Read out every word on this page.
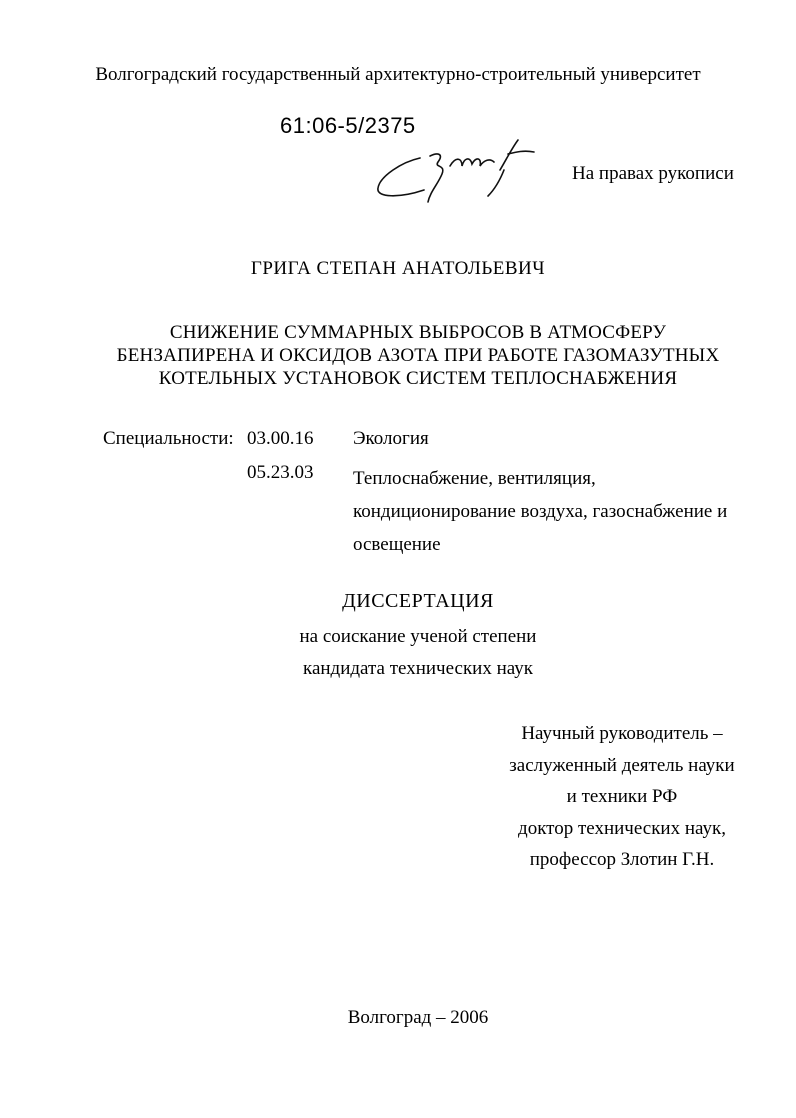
Волгоградский государственный архитектурно-строительный университет
61:06-5/2375
На правах рукописи
ГРИГА СТЕПАН АНАТОЛЬЕВИЧ
СНИЖЕНИЕ СУММАРНЫХ ВЫБРОСОВ В АТМОСФЕРУ
БЕНЗАПИРЕНА И ОКСИДОВ АЗОТА ПРИ РАБОТЕ ГАЗОМАЗУТНЫХ
КОТЕЛЬНЫХ УСТАНОВОК СИСТЕМ ТЕПЛОСНАБЖЕНИЯ
Специальности: 03.00.16 Экология
05.23.03 Теплоснабжение, вентиляция,
кондиционирование воздуха, газоснабжение и
освещение
ДИССЕРТАЦИЯ
на соискание ученой степени
кандидата технических наук
Научный руководитель –
заслуженный деятель науки
и техники РФ
доктор технических наук,
профессор Злотин Г.Н.
Волгоград – 2006
